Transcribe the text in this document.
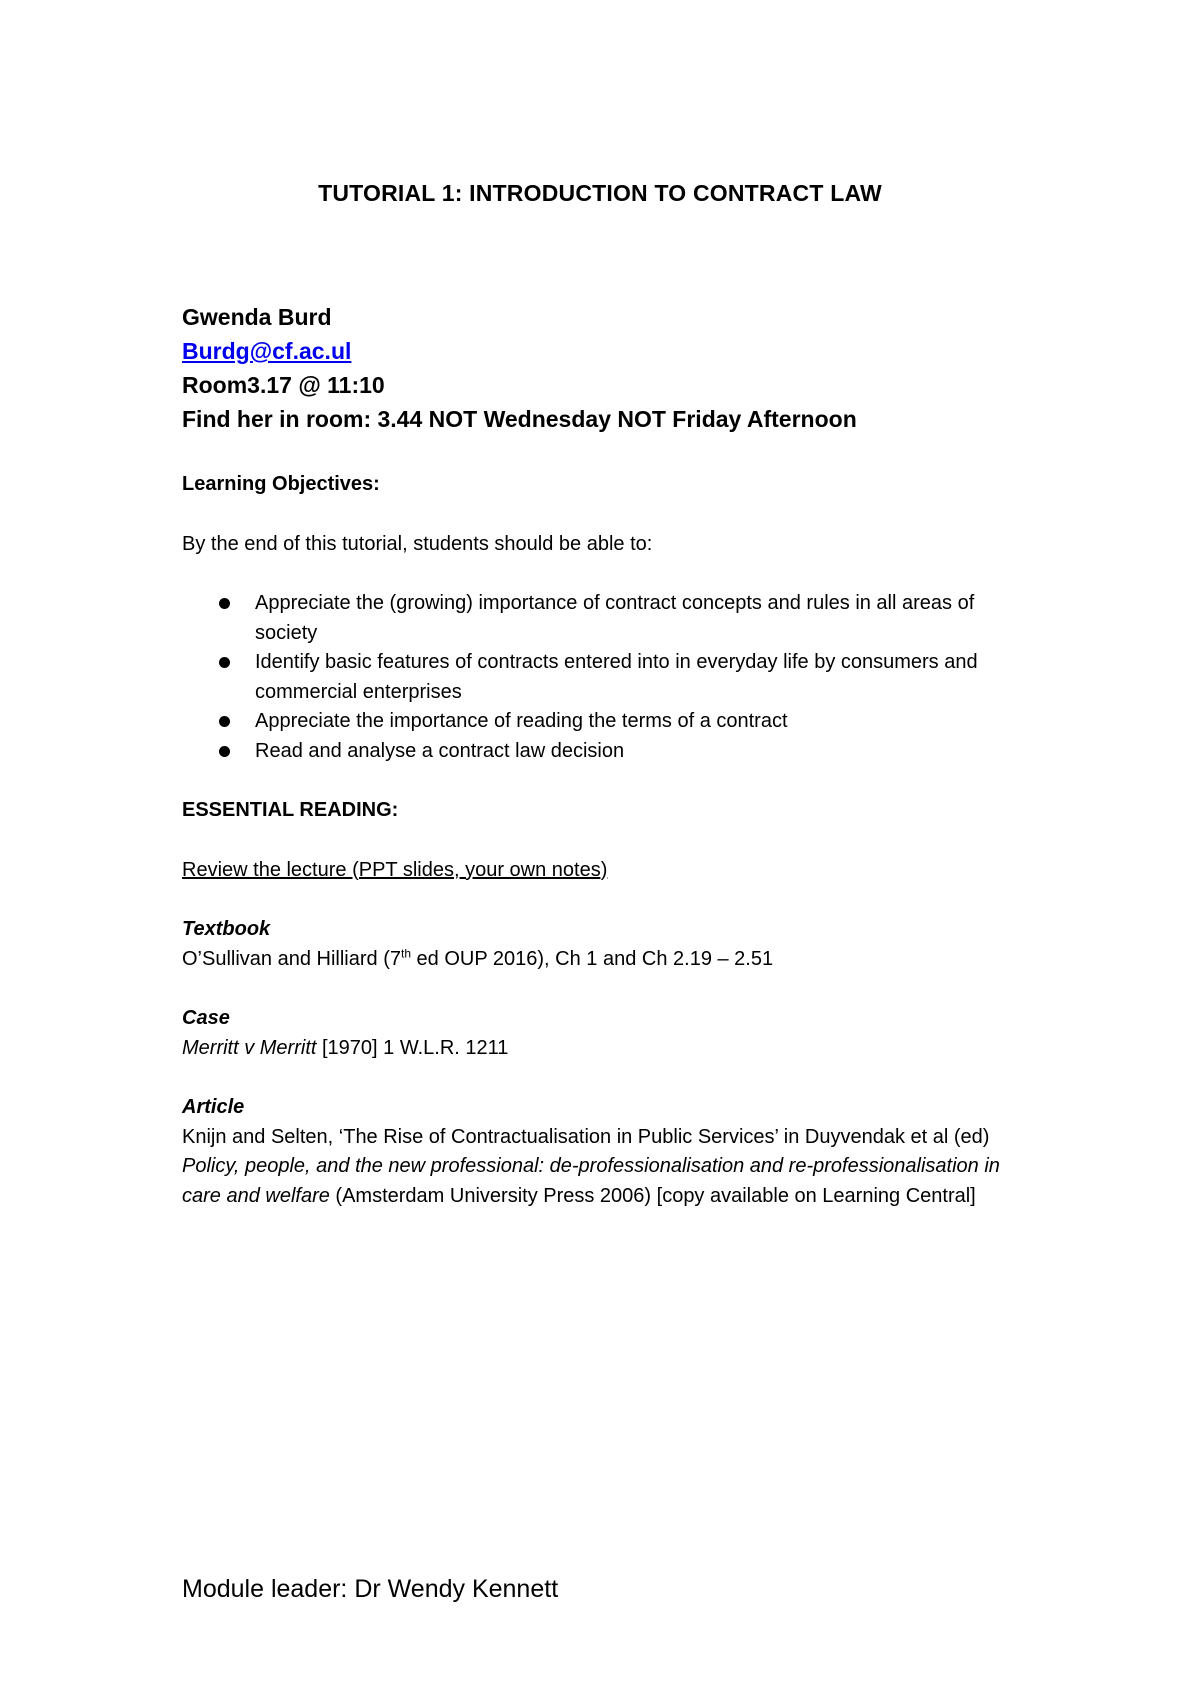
TUTORIAL 1: INTRODUCTION TO CONTRACT LAW
Gwenda Burd
Burdg@cf.ac.ul
Room3.17 @ 11:10
Find her in room: 3.44 NOT Wednesday NOT Friday Afternoon

Learning Objectives:

By the end of this tutorial, students should be able to:

Appreciate the (growing) importance of contract concepts and rules in all areas of society
Identify basic features of contracts entered into in everyday life by consumers and commercial enterprises
Appreciate the importance of reading the terms of a contract
Read and analyse a contract law decision

ESSENTIAL READING:

Review the lecture (PPT slides, your own notes)

Textbook

O’Sullivan and Hilliard (7th ed OUP 2016), Ch 1 and Ch 2.19 – 2.51

Case

Merritt v Merritt [1970] 1 W.L.R. 1211

Article

Knijn and Selten, ‘The Rise of Contractualisation in Public Services’ in Duyvendak et al (ed) Policy, people, and the new professional: de-professionalisation and re-professionalisation in care and welfare (Amsterdam University Press 2006) [copy available on Learning Central]

Module leader: Dr Wendy Kennett
